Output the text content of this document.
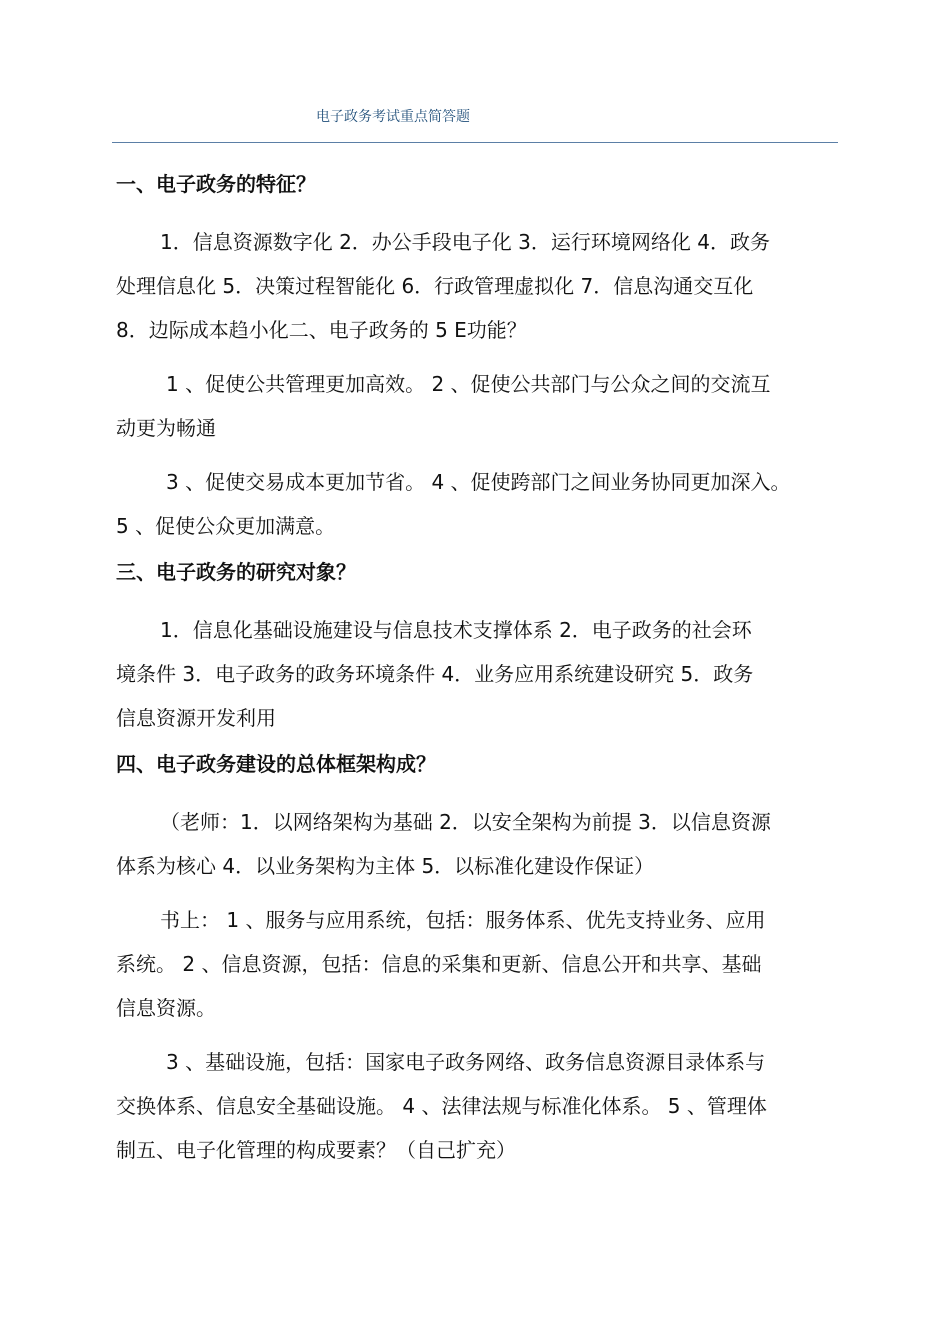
电子政务考试重点简答题
一、电子政务的特征？
1．信息资源数字化 2．办公手段电子化 3．运行环境网络化 4．政务
处理信息化 5．决策过程智能化 6．行政管理虚拟化 7．信息沟通交互化
8．边际成本趋小化二、电子政务的 5 E功能？
1 、促使公共管理更加高效。 2 、促使公共部门与公众之间的交流互
动更为畅通
3 、促使交易成本更加节省。 4 、促使跨部门之间业务协同更加深入。
5 、促使公众更加满意。
三、电子政务的研究对象？
1．信息化基础设施建设与信息技术支撑体系 2．电子政务的社会环
境条件 3．电子政务的政务环境条件 4．业务应用系统建设研究 5．政务
信息资源开发利用
四、电子政务建设的总体框架构成？
（老师：1．以网络架构为基础 2．以安全架构为前提 3．以信息资源
体系为核心 4．以业务架构为主体 5．以标准化建设作保证）
书上： 1 、服务与应用系统，包括：服务体系、优先支持业务、应用
系统。 2 、信息资源，包括：信息的采集和更新、信息公开和共享、基础
信息资源。
3 、基础设施，包括：国家电子政务网络、政务信息资源目录体系与
交换体系、信息安全基础设施。 4 、法律法规与标准化体系。 5 、管理体
制五、电子化管理的构成要素？（自己扩充）
